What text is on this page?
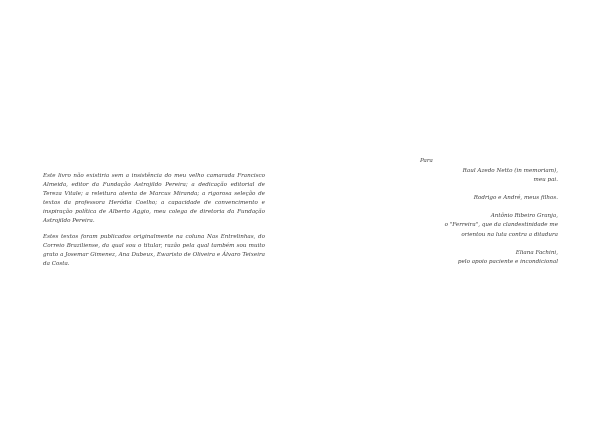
Este livro não existiria sem a insistência do meu velho camarada Francisco Almeida, editor da Fundação Astrojildo Pereira; a dedicação editorial de Tereza Vitale; a releitura atenta de Marcus Miranda; a rigorosa seleção de textos da professora Heródia Coelho; a capacidade de convencimento e inspiração política de Alberto Aggio, meu colega de diretoria da Fundação Astrojildo Pereira.

Estes textos foram publicados originalmente na coluna Nas Entrelinhas, do Correio Braziliense, da qual sou o titular, razão pela qual também sou muito grato a Josemar Gimenez, Ana Dubeux, Ewaristo de Oliveira e Álvaro Teixeira da Costa.

Para
Raul Azedo Netto (in memoriam),
meu pai.
Rodrigo e André, meus filhos.
Antônio Ribeiro Granja,
o "Ferreira", que da clandestinidade me
orientou na luta contra a ditadura
Eliana Fachini,
pelo apoio paciente e incondicional
